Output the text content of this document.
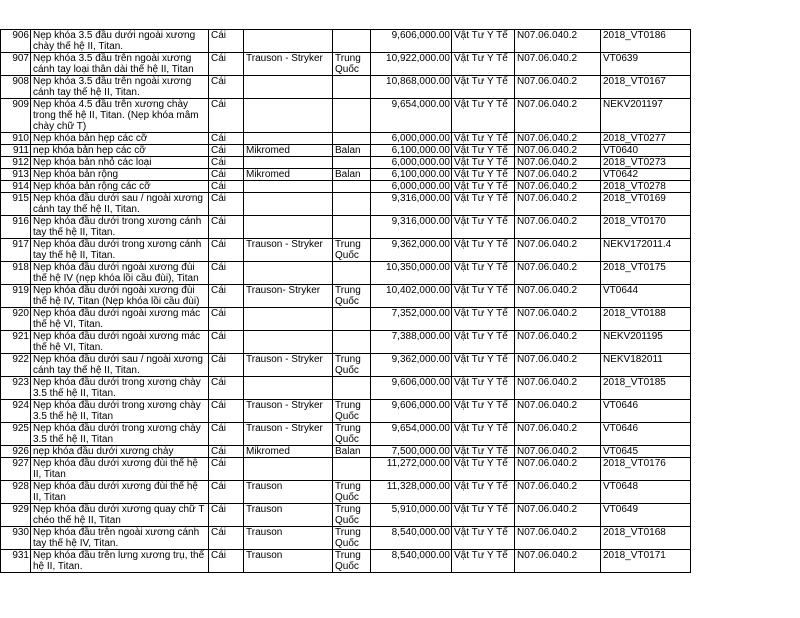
906	Nẹp khóa 3.5 đầu dưới ngoài xương chày thế hệ II, Titan.	Cái			9,606,000.00	Vật Tư Y Tế	N07.06.040.2	2018_VT0186
907	Nẹp khóa 3.5 đầu trên ngoài xương cánh tay loại thân dài thế hệ II, Titan	Cái	Trauson - Stryker	Trung Quốc	10,922,000.00	Vật Tư Y Tế	N07.06.040.2	VT0639
908	Nẹp khóa 3.5 đầu trên ngoài xương cánh tay thế hệ II, Titan.	Cái			10,868,000.00	Vật Tư Y Tế	N07.06.040.2	2018_VT0167
909	Nẹp khóa 4.5 đầu trên xương chày trong thế hệ II, Titan. (Nẹp khóa mâm chày chữ T)	Cái			9,654,000.00	Vật Tư Y Tế	N07.06.040.2	NEKV201197
910	Nẹp khóa bản hẹp các cỡ	Cái			6,000,000.00	Vật Tư Y Tế	N07.06.040.2	2018_VT0277
911	nẹp khóa bản hẹp các cỡ	Cái	Mikromed	Balan	6,100,000.00	Vật Tư Y Tế	N07.06.040.2	VT0640
912	Nẹp khóa bản nhỏ các loại	Cái			6,000,000.00	Vật Tư Y Tế	N07.06.040.2	2018_VT0273
913	Nẹp khóa bản rộng	Cái	Mikromed	Balan	6,100,000.00	Vật Tư Y Tế	N07.06.040.2	VT0642
914	Nẹp khóa bản rộng các cỡ	Cái			6,000,000.00	Vật Tư Y Tế	N07.06.040.2	2018_VT0278
915	Nẹp khóa đầu dưới sau / ngoài xương cánh tay thế hệ II, Titan.	Cái			9,316,000.00	Vật Tư Y Tế	N07.06.040.2	2018_VT0169
916	Nẹp khóa đầu dưới trong xương cánh tay thế hệ II, Titan.	Cái			9,316,000.00	Vật Tư Y Tế	N07.06.040.2	2018_VT0170
917	Nẹp khóa đầu dưới trong xương cánh tay thế hệ II, Titan.	Cái	Trauson - Stryker	Trung Quốc	9,362,000.00	Vật Tư Y Tế	N07.06.040.2	NEKV172011.4
918	Nẹp khóa đầu dưới ngoài xương đùi thế hệ IV (nẹp khóa lồi cầu đùi), Titan	Cái			10,350,000.00	Vật Tư Y Tế	N07.06.040.2	2018_VT0175
919	Nẹp khóa đầu dưới ngoài xương đùi thế hệ IV, Titan (Nẹp khóa lồi cầu đùi)	Cái	Trauson- Stryker	Trung Quốc	10,402,000.00	Vật Tư Y Tế	N07.06.040.2	VT0644
920	Nẹp khóa đầu dưới ngoài xương mác thế hệ VI, Titan.	Cái			7,352,000.00	Vật Tư Y Tế	N07.06.040.2	2018_VT0188
921	Nẹp khóa đầu dưới ngoài xương mác thế hệ VI, Titan.	Cái			7,388,000.00	Vật Tư Y Tế	N07.06.040.2	NEKV201195
922	Nẹp khóa đầu dưới sau / ngoài xương cánh tay thế hệ II, Titan.	Cái	Trauson - Stryker	Trung Quốc	9,362,000.00	Vật Tư Y Tế	N07.06.040.2	NEKV182011
923	Nẹp khóa đầu dưới trong xương chày 3.5 thế hệ II, Titan.	Cái			9,606,000.00	Vật Tư Y Tế	N07.06.040.2	2018_VT0185
924	Nẹp khóa đầu dưới trong xương chày 3.5 thế hệ II, Titan	Cái	Trauson - Stryker	Trung Quốc	9,606,000.00	Vật Tư Y Tế	N07.06.040.2	VT0646
925	Nẹp khóa đầu dưới trong xương chày 3.5 thế hệ II, Titan	Cái	Trauson - Stryker	Trung Quốc	9,654,000.00	Vật Tư Y Tế	N07.06.040.2	VT0646
926	nẹp khóa đầu dưới xương chày	Cái	Mikromed	Balan	7,500,000.00	Vật Tư Y Tế	N07.06.040.2	VT0645
927	Nẹp khóa đầu dưới xương đùi thế hệ II, Titan	Cái			11,272,000.00	Vật Tư Y Tế	N07.06.040.2	2018_VT0176
928	Nẹp khóa đầu dưới xương đùi thế hệ II, Titan	Cái	Trauson	Trung Quốc	11,328,000.00	Vật Tư Y Tế	N07.06.040.2	VT0648
929	Nẹp khóa đầu dưới xương quay chữ T chéo thế hệ II, Titan	Cái	Trauson	Trung Quốc	5,910,000.00	Vật Tư Y Tế	N07.06.040.2	VT0649
930	Nẹp khóa đầu trên ngoài xương cánh tay thế hệ IV, Titan.	Cái	Trauson	Trung Quốc	8,540,000.00	Vật Tư Y Tế	N07.06.040.2	2018_VT0168
931	Nẹp khóa đầu trên lưng xương trụ, thế hệ II, Titan.	Cái	Trauson	Trung Quốc	8,540,000.00	Vật Tư Y Tế	N07.06.040.2	2018_VT0171
